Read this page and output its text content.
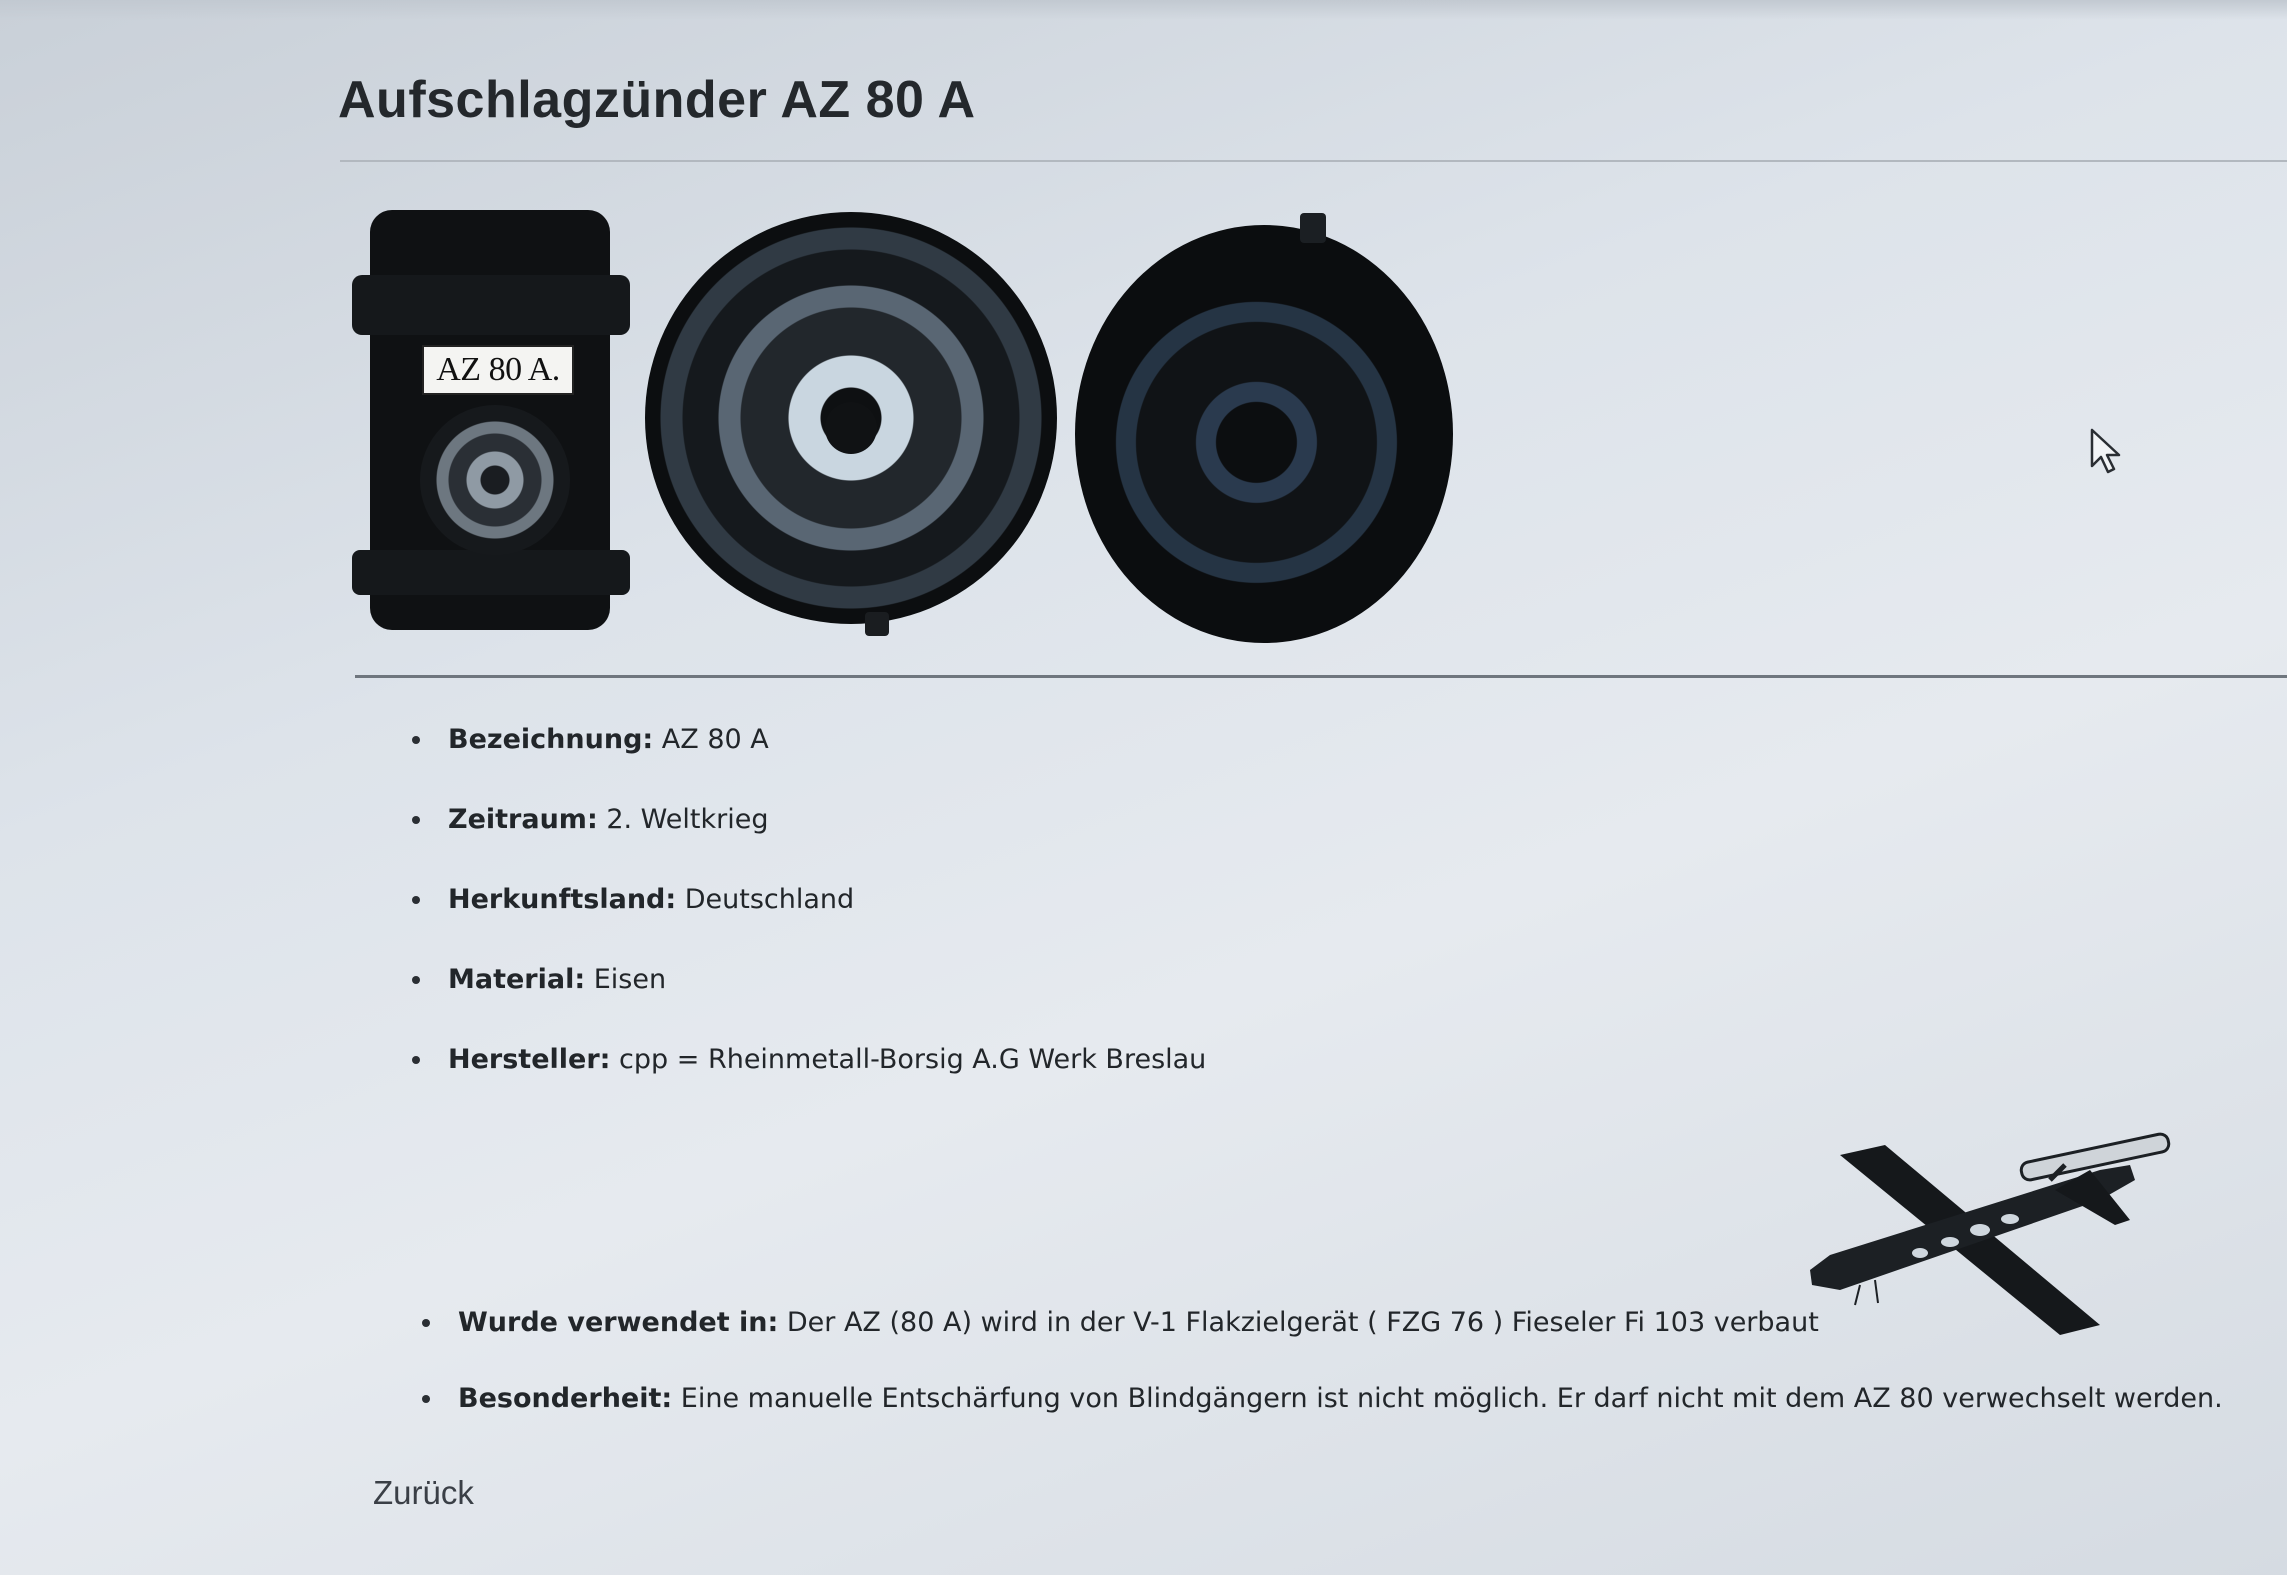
Aufschlagzünder AZ 80 A
AZ 80 A.
Bezeichnung: AZ 80 A
Zeitraum: 2. Weltkrieg
Herkunftsland: Deutschland
Material: Eisen
Hersteller: cpp = Rheinmetall-Borsig A.G Werk Breslau
Wurde verwendet in: Der AZ (80 A) wird in der V-1 Flakzielgerät ( FZG 76 ) Fieseler Fi 103 verbaut
Besonderheit: Eine manuelle Entschärfung von Blindgängern ist nicht möglich. Er darf nicht mit dem AZ 80 verwechselt werden.
Zurück
